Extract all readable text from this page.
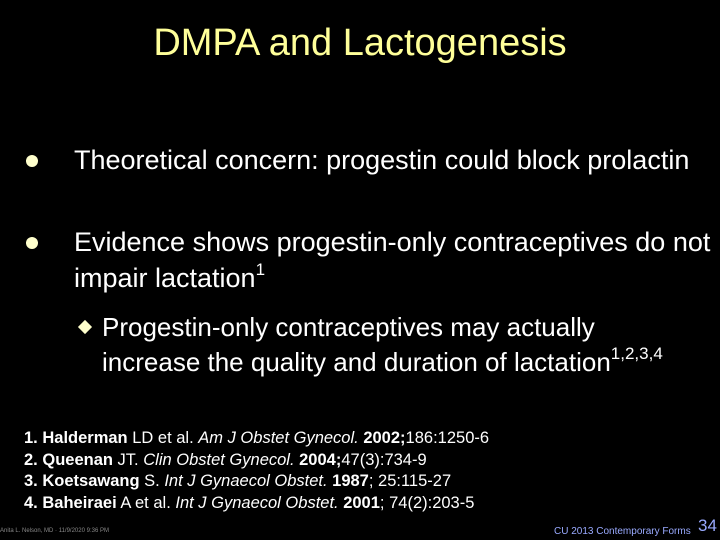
DMPA and Lactogenesis
Theoretical concern: progestin could block prolactin
Evidence shows progestin-only contraceptives do not impair lactation$^1$
Progestin-only contraceptives may actually increase the quality and duration of lactation$^{1,2,3,4}$
1. Halderman LD et al. Am J Obstet Gynecol. 2002;186:1250-6
2. Queenan JT. Clin Obstet Gynecol. 2004;47(3):734-9
3. Koetsawang S. Int J Gynaecol Obstet. 1987; 25:115-27
4. Baheiraei A et al. Int J Gynaecol Obstet. 2001; 74(2):203-5
Anita L. Nelson, MD · 11/9/2020 9:36 PM	CU 2013 Contemporary Forms 34
